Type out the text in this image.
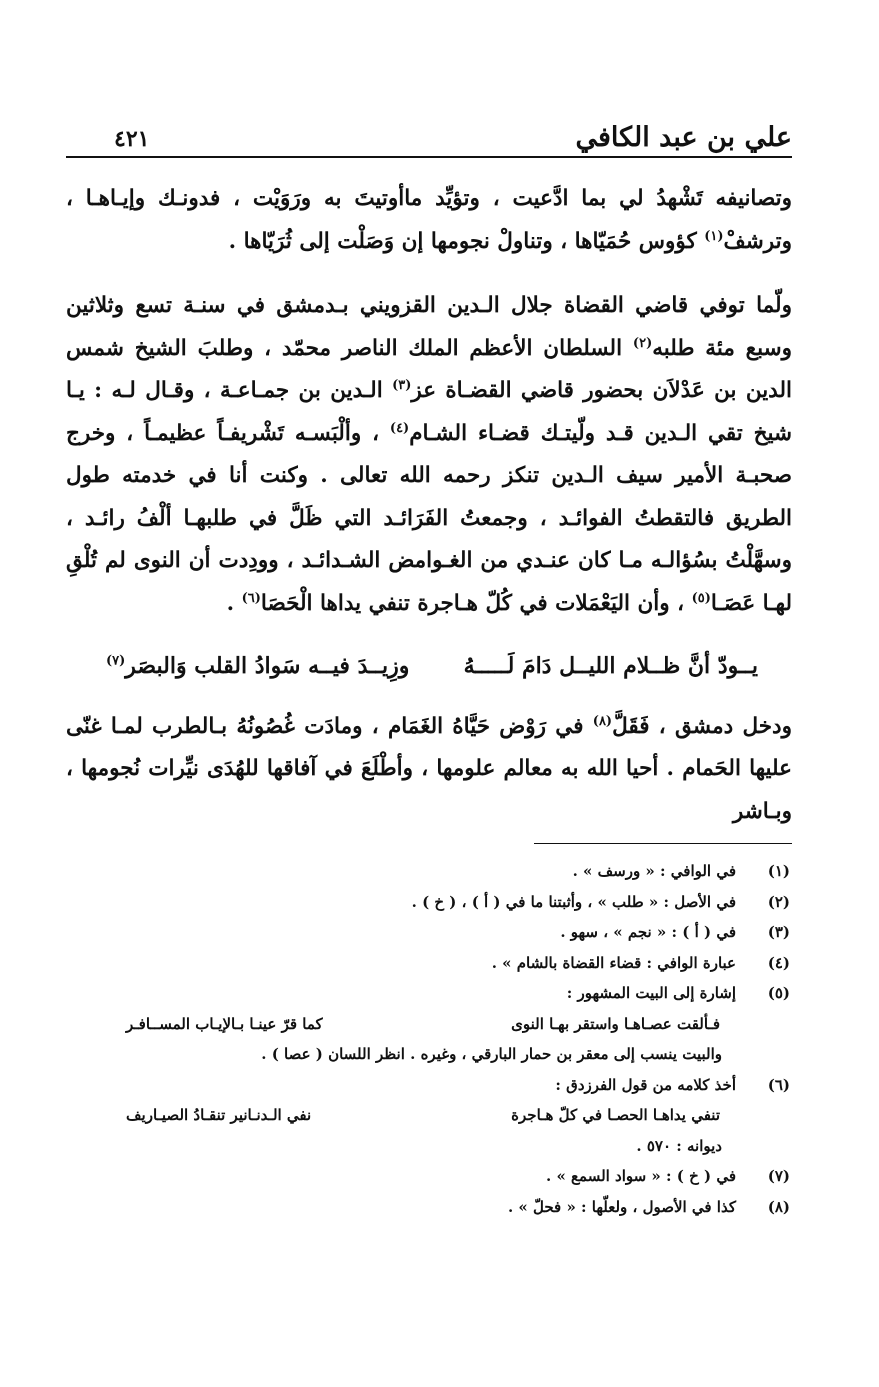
علي بن عبد الكافي
٤٢١

وتصانيفه تَشْهدُ لي بما ادَّعيت ، وتؤيِّد ماأوتيتَ به ورَوَيْت ، فدونـك وإيـاهـا ، وترشفْ$^{(١)}$ كؤوس حُمَيّاها ، وتناولْ نجومها إن وَصَلْت إلى ثُرَيّاها .

ولّما توفي قاضي القضاة جلال الـدين القزويني بـدمشق في سنـة تسع وثلاثين وسبع مئة طلبه$^{(٢)}$ السلطان الأعظم الملك الناصر محمّد ، وطلبَ الشيخ شمس الدين بن عَدْلاَن بحضور قاضي القضـاة عز$^{(٣)}$ الـدين بن جمـاعـة ، وقـال لـه : يـا شيخ تقي الـدين قـد ولّيتـك قضـاء الشـام$^{(٤)}$ ، وألْبَسـه تَشْريفـاً عظيمـاً ، وخرج صحبـة الأمير سيف الـدين تنكز رحمه الله تعالى . وكنت أنا في خدمته طول الطريق فالتقطتُ الفوائـد ، وجمعتُ الفَرَائـد التي ظَلَّ في طلبهـا ألْفُ رائـد ، وسهَّلْتُ بسُؤالـه مـا كان عنـدي من الغـوامض الشـدائـد ، وودِدت أن النوى لم تُلْقِ لهـا عَصَـا$^{(٥)}$ ، وأن اليَعْمَلات في كُلّ هـاجرة تنفي يداها الْحَصَا$^{(٦)}$ .

يــودّ أنَّ ظــلام الليــل دَامَ لَـــــهُ
وزِيــدَ فيــه سَوادُ القلب وَالبصَر$^{(٧)}$

ودخل دمشق ، فَقَلَّ$^{(٨)}$ في رَوْض حَيَّاهُ الغَمَام ، ومادَت غُصُونُهُ بـالطرب لمـا غنّى عليها الحَمام . أحيا الله به معالم علومها ، وأطْلَعَ في آفاقها للهُدَى نيِّرات نُجومها ، وبـاشر

(١)
في الوافي : « ورسف » .
(٢)
في الأصل : « طلب » ، وأثبتنا ما في ( أ ) ، ( خ ) .
(٣)
في ( أ ) : « نجم » ، سهو .
(٤)
عبارة الوافي : قضاء القضاة بالشام » .
(٥)
إشارة إلى البيت المشهور :
فـألقت عصـاهـا واستقر بهـا النوى
كما قرّ عينـا بـالإيـاب المســافـر
والبيت ينسب إلى معقر بن حمار البارقي ، وغيره . انظر اللسان ( عصا ) .
(٦)
أخذ كلامه من قول الفرزدق :
تنفي يداهـا الحصـا في كلّ هـاجرة
نفي الـدنـانير تنقـادُ الصيـاريف
ديوانه : ٥٧٠ .
(٧)
في ( خ ) : « سواد السمع » .
(٨)
كذا في الأصول ، ولعلّها : « فحلّ » .
